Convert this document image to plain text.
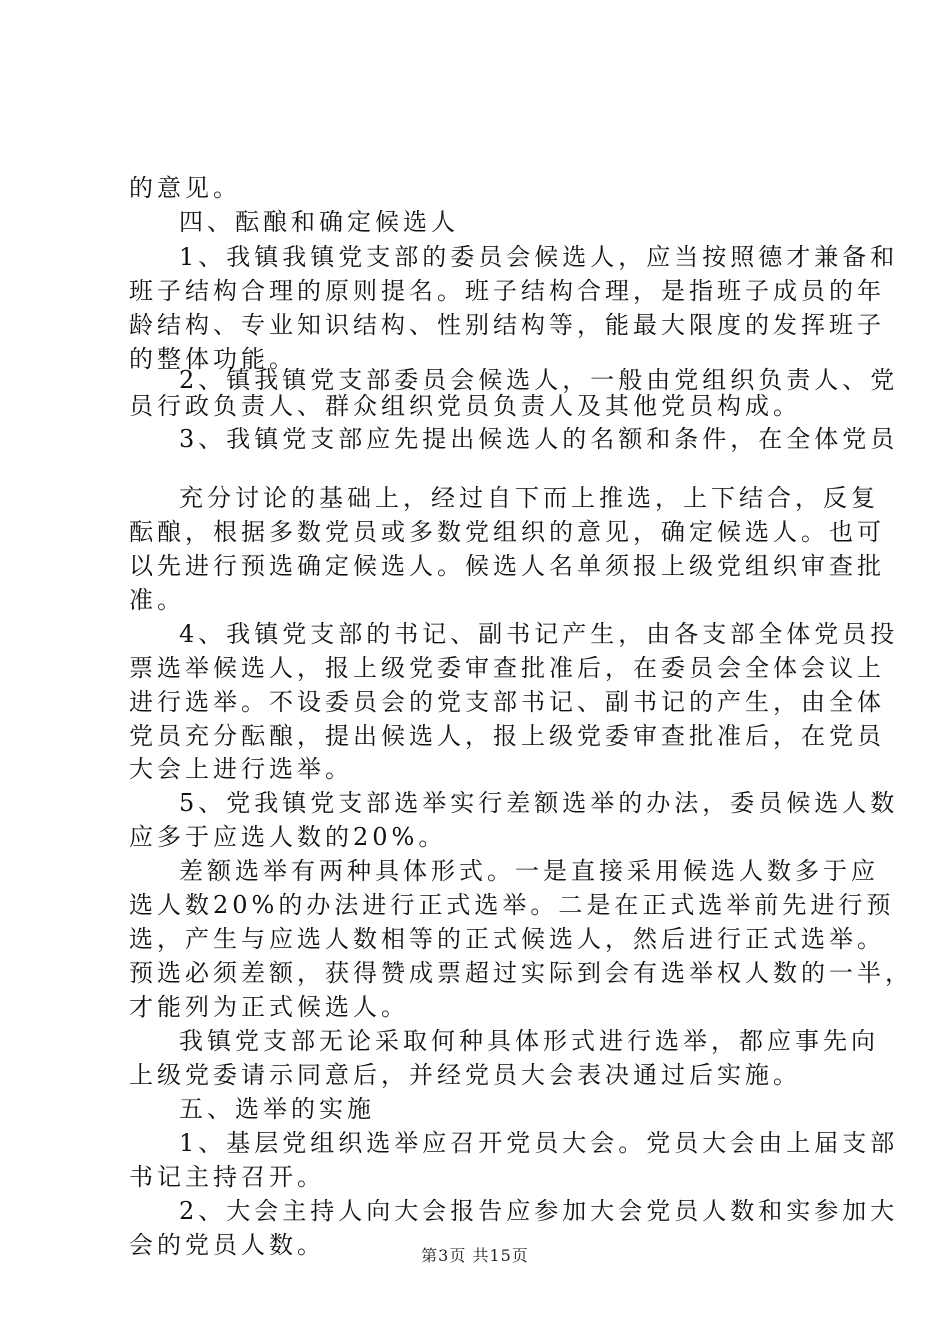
的意见。
四、酝酿和确定候选人
1、我镇我镇党支部的委员会候选人，应当按照德才兼备和
班子结构合理的原则提名。班子结构合理，是指班子成员的年
龄结构、专业知识结构、性别结构等，能最大限度的发挥班子
的整体功能。
2、镇我镇党支部委员会候选人，一般由党组织负责人、党
员行政负责人、群众组织党员负责人及其他党员构成。
3、我镇党支部应先提出候选人的名额和条件，在全体党员
充分讨论的基础上，经过自下而上推选，上下结合，反复
酝酿，根据多数党员或多数党组织的意见，确定候选人。也可
以先进行预选确定候选人。候选人名单须报上级党组织审查批
准。
4、我镇党支部的书记、副书记产生，由各支部全体党员投
票选举候选人，报上级党委审查批准后，在委员会全体会议上
进行选举。不设委员会的党支部书记、副书记的产生，由全体
党员充分酝酿，提出候选人，报上级党委审查批准后，在党员
大会上进行选举。
5、党我镇党支部选举实行差额选举的办法，委员候选人数
应多于应选人数的20%。
差额选举有两种具体形式。一是直接采用候选人数多于应
选人数20%的办法进行正式选举。二是在正式选举前先进行预
选，产生与应选人数相等的正式候选人，然后进行正式选举。
预选必须差额，获得赞成票超过实际到会有选举权人数的一半，
才能列为正式候选人。
我镇党支部无论采取何种具体形式进行选举，都应事先向
上级党委请示同意后，并经党员大会表决通过后实施。
五、选举的实施
1、基层党组织选举应召开党员大会。党员大会由上届支部
书记主持召开。
2、大会主持人向大会报告应参加大会党员人数和实参加大
会的党员人数。	第3页 共15页
